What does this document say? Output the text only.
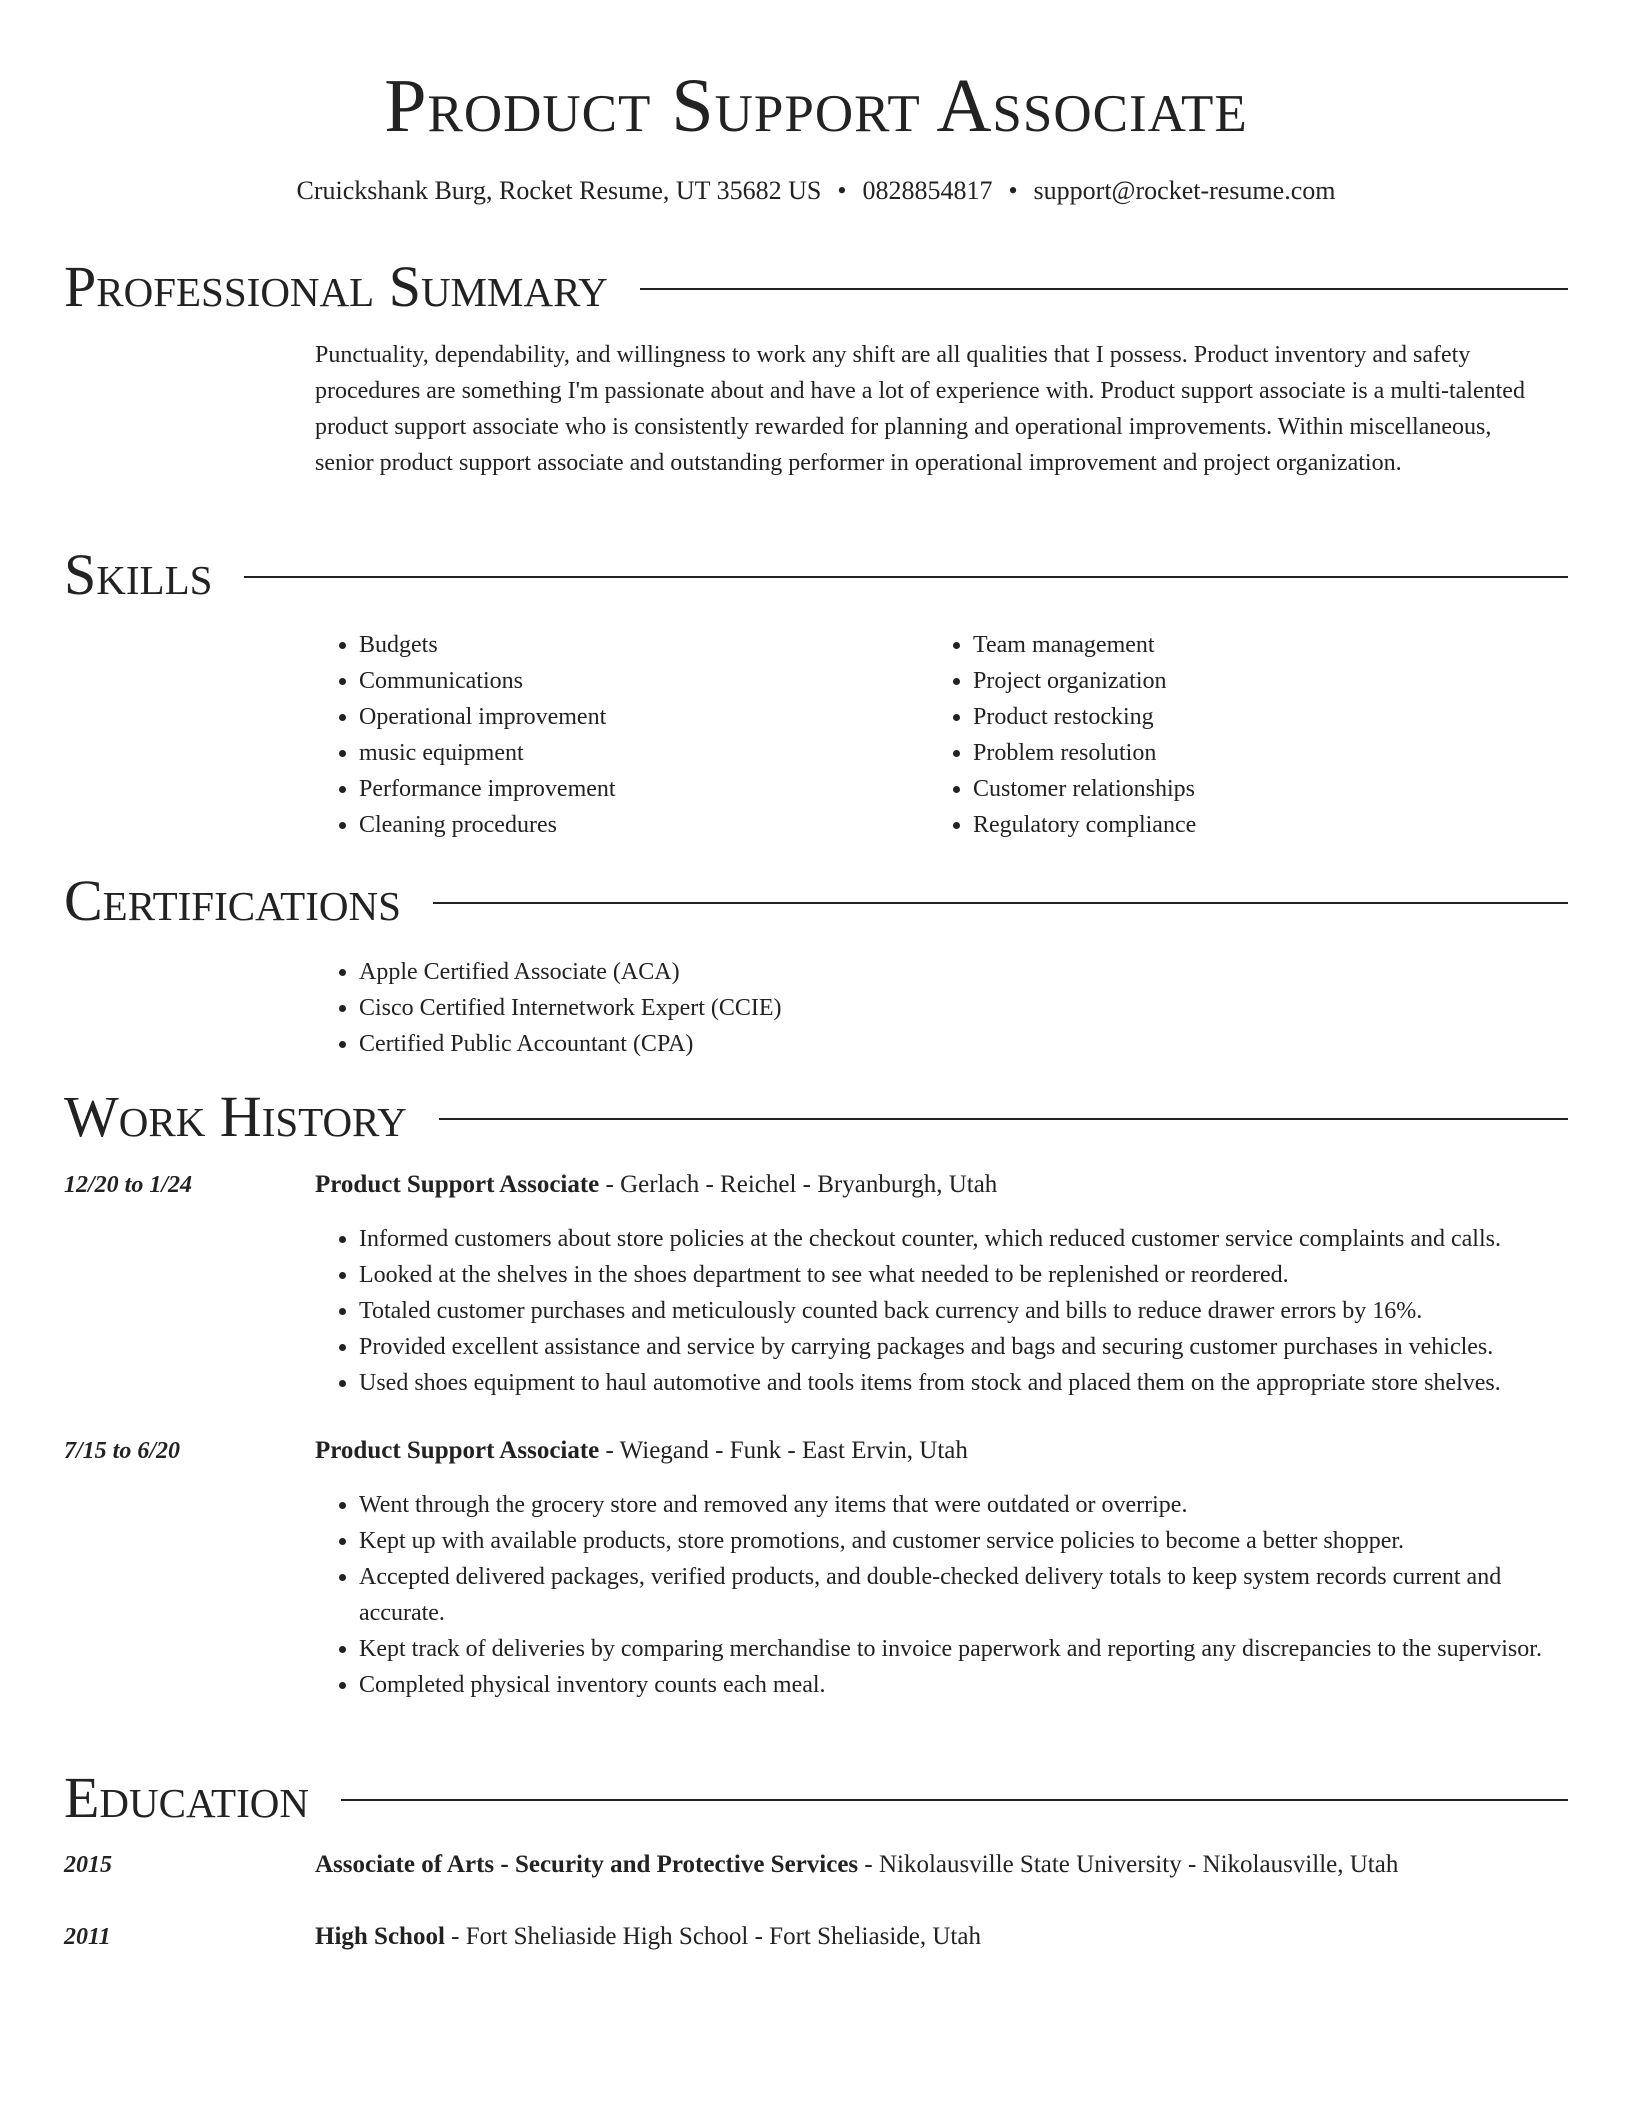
Product Support Associate
Cruickshank Burg, Rocket Resume, UT 35682 US • 0828854817 • support@rocket-resume.com
Professional Summary

Punctuality, dependability, and willingness to work any shift are all qualities that I possess. Product inventory and safety procedures are something I'm passionate about and have a lot of experience with. Product support associate is a multi-talented product support associate who is consistently rewarded for planning and operational improvements. Within miscellaneous, senior product support associate and outstanding performer in operational improvement and project organization.

Skills
• Budgets
• Communications
• Operational improvement
• music equipment
• Performance improvement
• Cleaning procedures
• Team management
• Project organization
• Product restocking
• Problem resolution
• Customer relationships
• Regulatory compliance
Certifications
• Apple Certified Associate (ACA)
• Cisco Certified Internetwork Expert (CCIE)
• Certified Public Accountant (CPA)
Work History
12/20 to 1/24	Product Support Associate - Gerlach - Reichel - Bryanburgh, Utah
• Informed customers about store policies at the checkout counter, which reduced customer service complaints and calls.
• Looked at the shelves in the shoes department to see what needed to be replenished or reordered.
• Totaled customer purchases and meticulously counted back currency and bills to reduce drawer errors by 16%.
• Provided excellent assistance and service by carrying packages and bags and securing customer purchases in vehicles.
• Used shoes equipment to haul automotive and tools items from stock and placed them on the appropriate store shelves.
7/15 to 6/20	Product Support Associate - Wiegand - Funk - East Ervin, Utah
• Went through the grocery store and removed any items that were outdated or overripe.
• Kept up with available products, store promotions, and customer service policies to become a better shopper.
• Accepted delivered packages, verified products, and double-checked delivery totals to keep system records current and accurate.
• Kept track of deliveries by comparing merchandise to invoice paperwork and reporting any discrepancies to the supervisor.
• Completed physical inventory counts each meal.
Education
2015	Associate of Arts - Security and Protective Services - Nikolausville State University - Nikolausville, Utah
2011	High School - Fort Sheliaside High School - Fort Sheliaside, Utah
